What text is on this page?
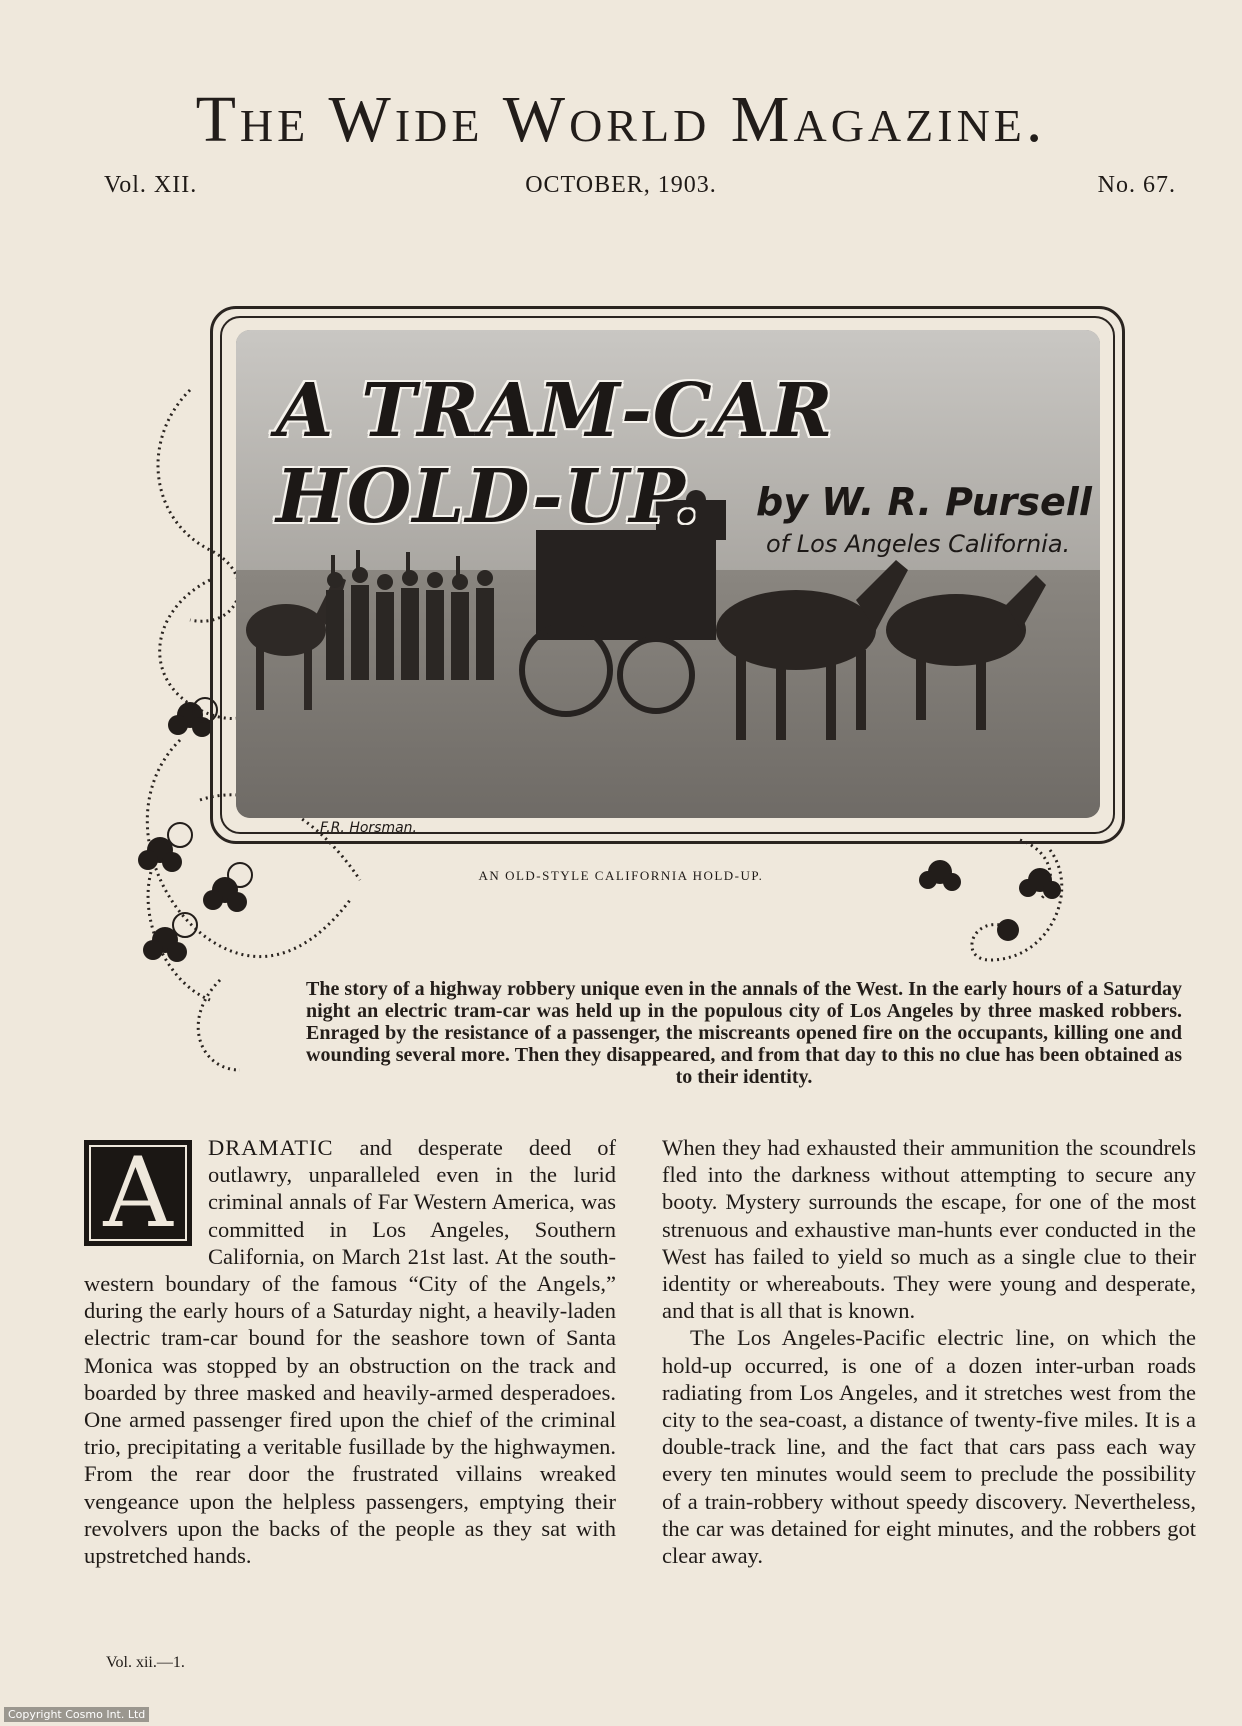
The Wide World Magazine.
Vol. XII.	OCTOBER, 1903.	No. 67.
A TRAM-CAR HOLD-UP.	by W. R. Pursell
of Los Angeles California.
F.R. Horsman.
AN OLD-STYLE CALIFORNIA HOLD-UP.
The story of a highway robbery unique even in the annals of the West. In the early hours of a Saturday night an electric tram-car was held up in the populous city of Los Angeles by three masked robbers. Enraged by the resistance of a passenger, the miscreants opened fire on the occupants, killing one and wounding several more. Then they disappeared, and from that day to this no clue has been obtained as to their identity.

A	DRAMATIC and desperate deed of outlawry, unparalleled even in the lurid criminal annals of Far Western America, was committed in Los Angeles, Southern California, on March 21st last. At the south-western boundary of the famous “City of the Angels,” during the early hours of a Saturday night, a heavily-laden electric tram-car bound for the seashore town of Santa Monica was stopped by an obstruction on the track and boarded by three masked and heavily-armed desperadoes. One armed passenger fired upon the chief of the criminal trio, precipitating a veritable fusillade by the highwaymen. From the rear door the frustrated villains wreaked vengeance upon the helpless passengers, emptying their revolvers upon the backs of the people as they sat with upstretched hands.

When they had exhausted their ammunition the scoundrels fled into the darkness without attempting to secure any booty. Mystery surrounds the escape, for one of the most strenuous and exhaustive man-hunts ever conducted in the West has failed to yield so much as a single clue to their identity or whereabouts. They were young and desperate, and that is all that is known.

The Los Angeles-Pacific electric line, on which the hold-up occurred, is one of a dozen inter-urban roads radiating from Los Angeles, and it stretches west from the city to the sea-coast, a distance of twenty-five miles. It is a double-track line, and the fact that cars pass each way every ten minutes would seem to preclude the possibility of a train-robbery without speedy discovery. Nevertheless, the car was detained for eight minutes, and the robbers got clear away.

Vol. xii.—1.
Copyright Cosmo Int. Ltd
